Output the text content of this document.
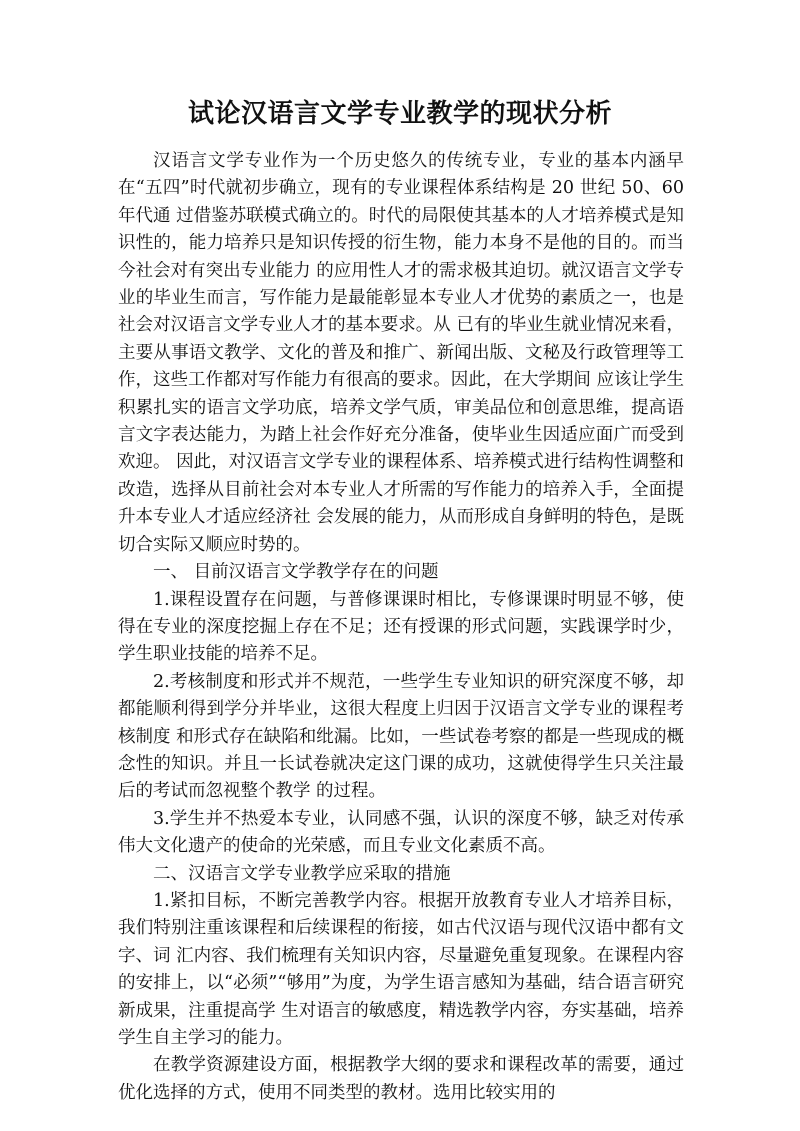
试论汉语言文学专业教学的现状分析

汉语言文学专业作为一个历史悠久的传统专业，专业的基本内涵早在“五四”时代就初步确立，现有的专业课程体系结构是 20 世纪 50、60 年代通 过借鉴苏联模式确立的。时代的局限使其基本的人才培养模式是知识性的，能力培养只是知识传授的衍生物，能力本身不是他的目的。而当今社会对有突出专业能力 的应用性人才的需求极其迫切。就汉语言文学专业的毕业生而言，写作能力是最能彰显本专业人才优势的素质之一，也是社会对汉语言文学专业人才的基本要求。从 已有的毕业生就业情况来看，主要从事语文教学、文化的普及和推广、新闻出版、文秘及行政管理等工作，这些工作都对写作能力有很高的要求。因此，在大学期间 应该让学生积累扎实的语言文学功底，培养文学气质，审美品位和创意思维，提高语言文字表达能力，为踏上社会作好充分准备，使毕业生因适应面广而受到欢迎。 因此，对汉语言文学专业的课程体系、培养模式进行结构性调整和改造，选择从目前社会对本专业人才所需的写作能力的培养入手，全面提升本专业人才适应经济社 会发展的能力，从而形成自身鲜明的特色，是既切合实际又顺应时势的。

一、 目前汉语言文学教学存在的问题

1.课程设置存在问题，与普修课课时相比，专修课课时明显不够，使得在专业的深度挖掘上存在不足；还有授课的形式问题，实践课学时少，学生职业技能的培养不足。

2.考核制度和形式并不规范，一些学生专业知识的研究深度不够，却都能顺利得到学分并毕业，这很大程度上归因于汉语言文学专业的课程考核制度 和形式存在缺陷和纰漏。比如，一些试卷考察的都是一些现成的概念性的知识。并且一长试卷就决定这门课的成功，这就使得学生只关注最后的考试而忽视整个教学 的过程。

3.学生并不热爱本专业，认同感不强，认识的深度不够，缺乏对传承伟大文化遗产的使命的光荣感，而且专业文化素质不高。

二、汉语言文学专业教学应采取的措施

1.紧扣目标，不断完善教学内容。根据开放教育专业人才培养目标，我们特别注重该课程和后续课程的衔接，如古代汉语与现代汉语中都有文字、词 汇内容、我们梳理有关知识内容，尽量避免重复现象。在课程内容的安排上，以“必须”“够用”为度，为学生语言感知为基础，结合语言研究新成果，注重提高学 生对语言的敏感度，精选教学内容，夯实基础，培养学生自主学习的能力。

在教学资源建设方面，根据教学大纲的要求和课程改革的需要，通过优化选择的方式，使用不同类型的教材。选用比较实用的
